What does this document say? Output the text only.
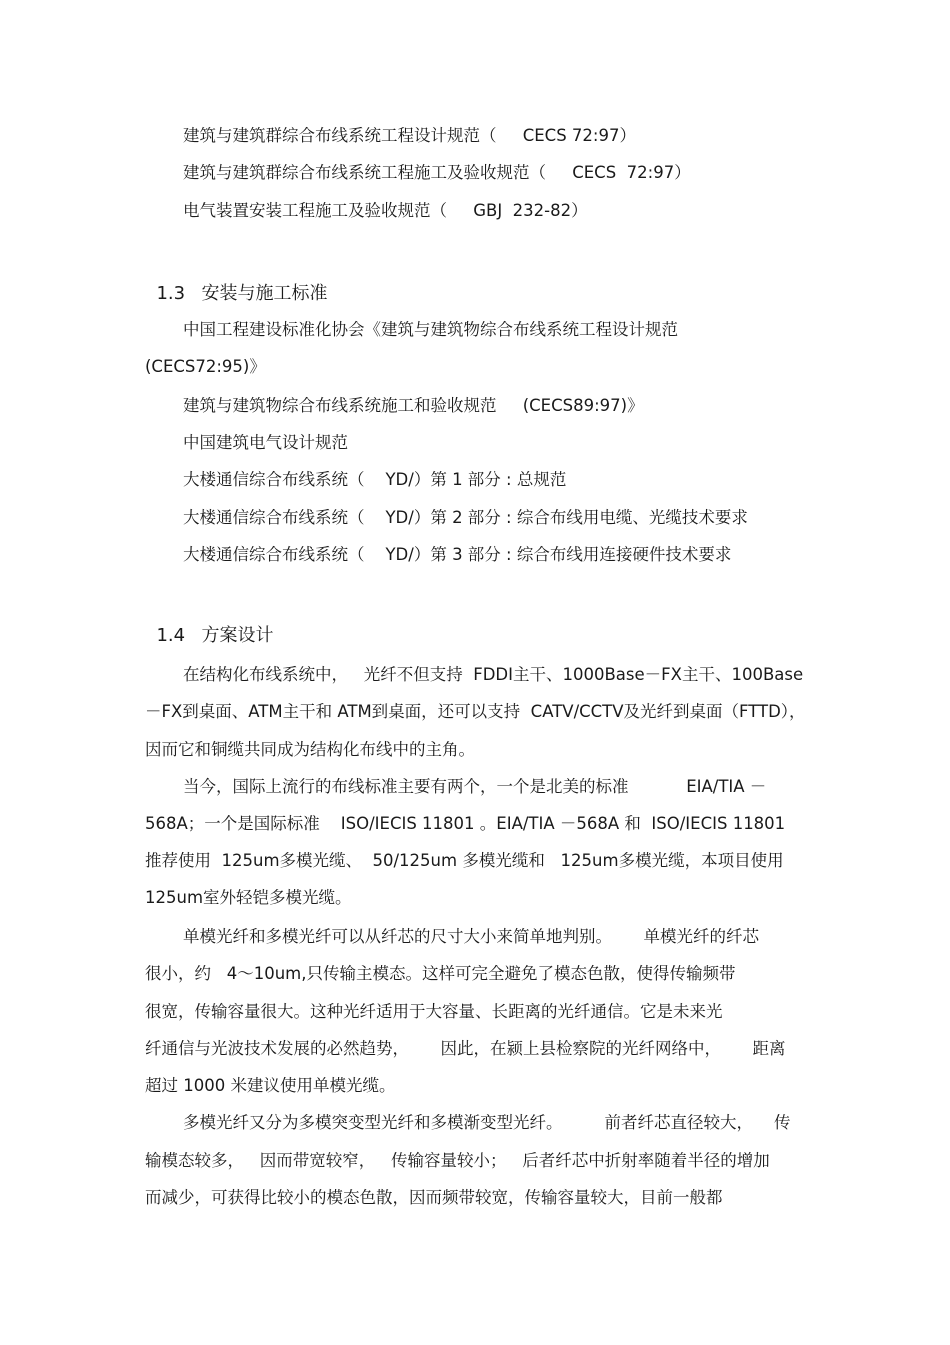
建筑与建筑群综合布线系统工程设计规范（     CECS 72:97）
建筑与建筑群综合布线系统工程施工及验收规范（     CECS  72:97）
电气装置安装工程施工及验收规范（     GBJ  232-82）

1.3 安装与施工标准

中国工程建设标准化协会《建筑与建筑物综合布线系统工程设计规范
(CECS72:95)》
建筑与建筑物综合布线系统施工和验收规范     (CECS89:97)》
中国建筑电气设计规范
大楼通信综合布线系统（    YD/）第 1 部分 : 总规范
大楼通信综合布线系统（    YD/）第 2 部分 : 综合布线用电缆、光缆技术要求
大楼通信综合布线系统（    YD/）第 3 部分 : 综合布线用连接硬件技术要求

1.4 方案设计

在结构化布线系统中，   光纤不但支持  FDDI主干、1000Base－FX主干、100Base
－FX到桌面、ATM主干和 ATM到桌面，还可以支持  CATV/CCTV及光纤到桌面（FTTD），
因而它和铜缆共同成为结构化布线中的主角。
当今，国际上流行的布线标准主要有两个，一个是北美的标准           EIA/TIA －
568A；一个是国际标准    ISO/IECIS 11801 。EIA/TIA －568A 和  ISO/IECIS 11801
推荐使用  125um多模光缆、  50/125um 多模光缆和   125um多模光缆，本项目使用
125um室外轻铠多模光缆。
单模光纤和多模光纤可以从纤芯的尺寸大小来简单地判别。      单模光纤的纤芯
很小，约   4～10um,只传输主模态。这样可完全避免了模态色散，使得传输频带
很宽，传输容量很大。这种光纤适用于大容量、长距离的光纤通信。它是未来光
纤通信与光波技术发展的必然趋势，      因此，在颍上县检察院的光纤网络中，      距离
超过 1000 米建议使用单模光缆。
多模光纤又分为多模突变型光纤和多模渐变型光纤。        前者纤芯直径较大，    传
输模态较多，   因而带宽较窄，   传输容量较小；   后者纤芯中折射率随着半径的增加
而减少，可获得比较小的模态色散，因而频带较宽，传输容量较大，目前一般都
